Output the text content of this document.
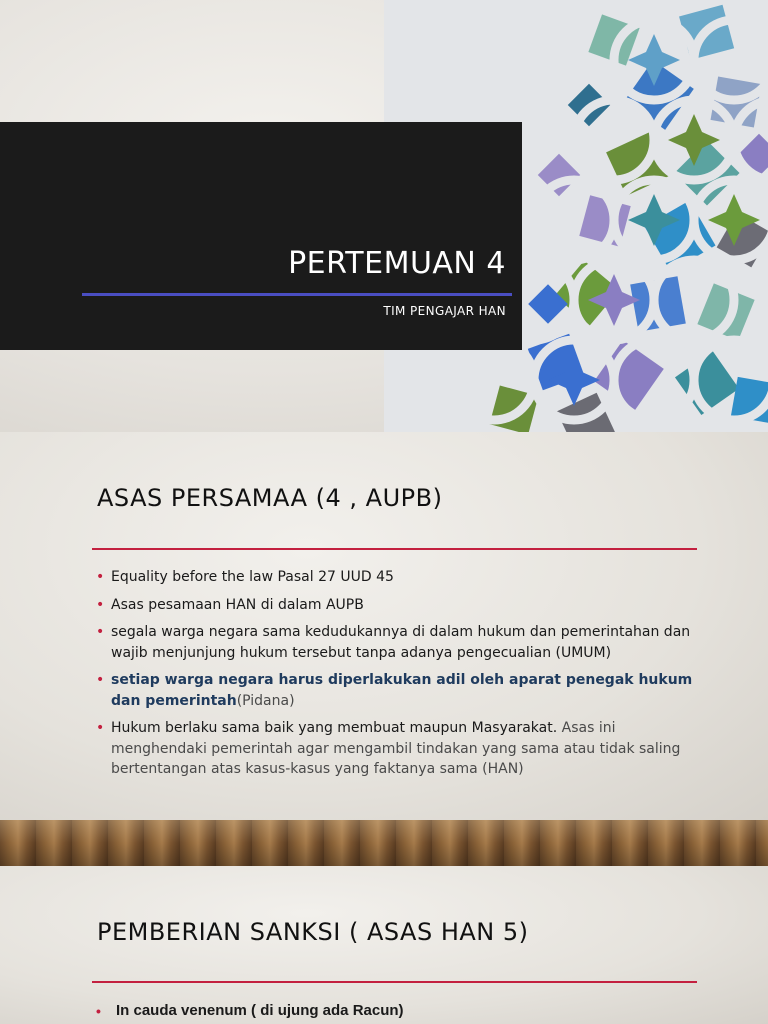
PERTEMUAN 4
TIM PENGAJAR HAN
ASAS PERSAMAA (4 , AUPB)
• Equality before the law Pasal 27 UUD 45
• Asas pesamaan HAN di dalam AUPB
• segala warga negara sama kedudukannya di dalam hukum dan pemerintahan dan wajib menjunjung hukum tersebut tanpa adanya pengecualian (UMUM)
• setiap warga negara harus diperlakukan adil oleh aparat penegak hukum dan pemerintah(Pidana)
• Hukum berlaku sama baik yang membuat maupun Masyarakat. Asas ini menghendaki pemerintah agar mengambil tindakan yang sama atau tidak saling bertentangan atas kasus-kasus yang faktanya sama (HAN)
PEMBERIAN SANKSI ( ASAS HAN 5)
• In cauda venenum ( di ujung ada Racun)
